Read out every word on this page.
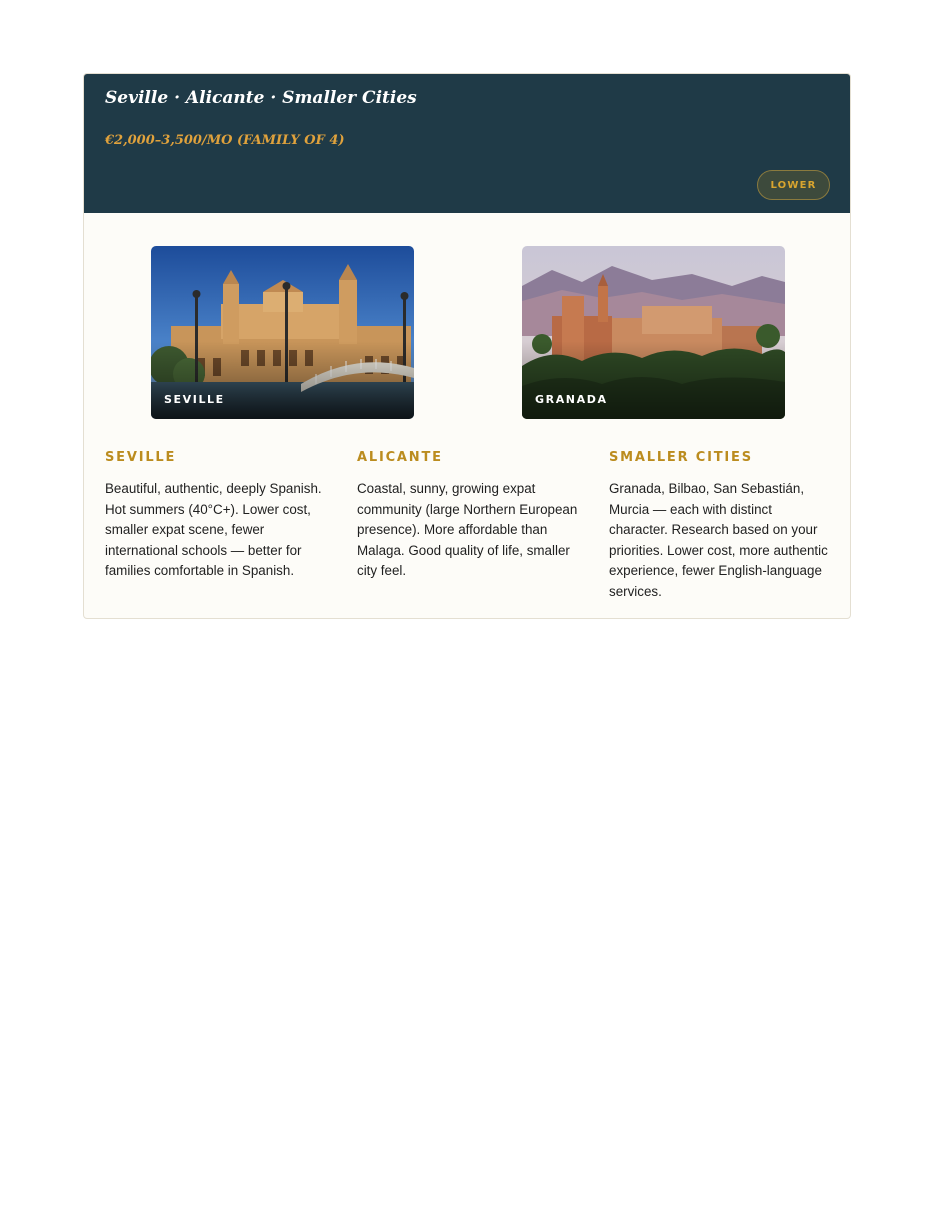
Seville · Alicante · Smaller Cities
€2,000–3,500/MO (FAMILY OF 4)
LOWER
SEVILLE	GRANADA
SEVILLE

Beautiful, authentic, deeply Spanish. Hot summers (40°C+). Lower cost, smaller expat scene, fewer international schools — better for families comfortable in Spanish.

ALICANTE

Coastal, sunny, growing expat community (large Northern European presence). More affordable than Malaga. Good quality of life, smaller city feel.

SMALLER CITIES

Granada, Bilbao, San Sebastián, Murcia — each with distinct character. Research based on your priorities. Lower cost, more authentic experience, fewer English-language services.
